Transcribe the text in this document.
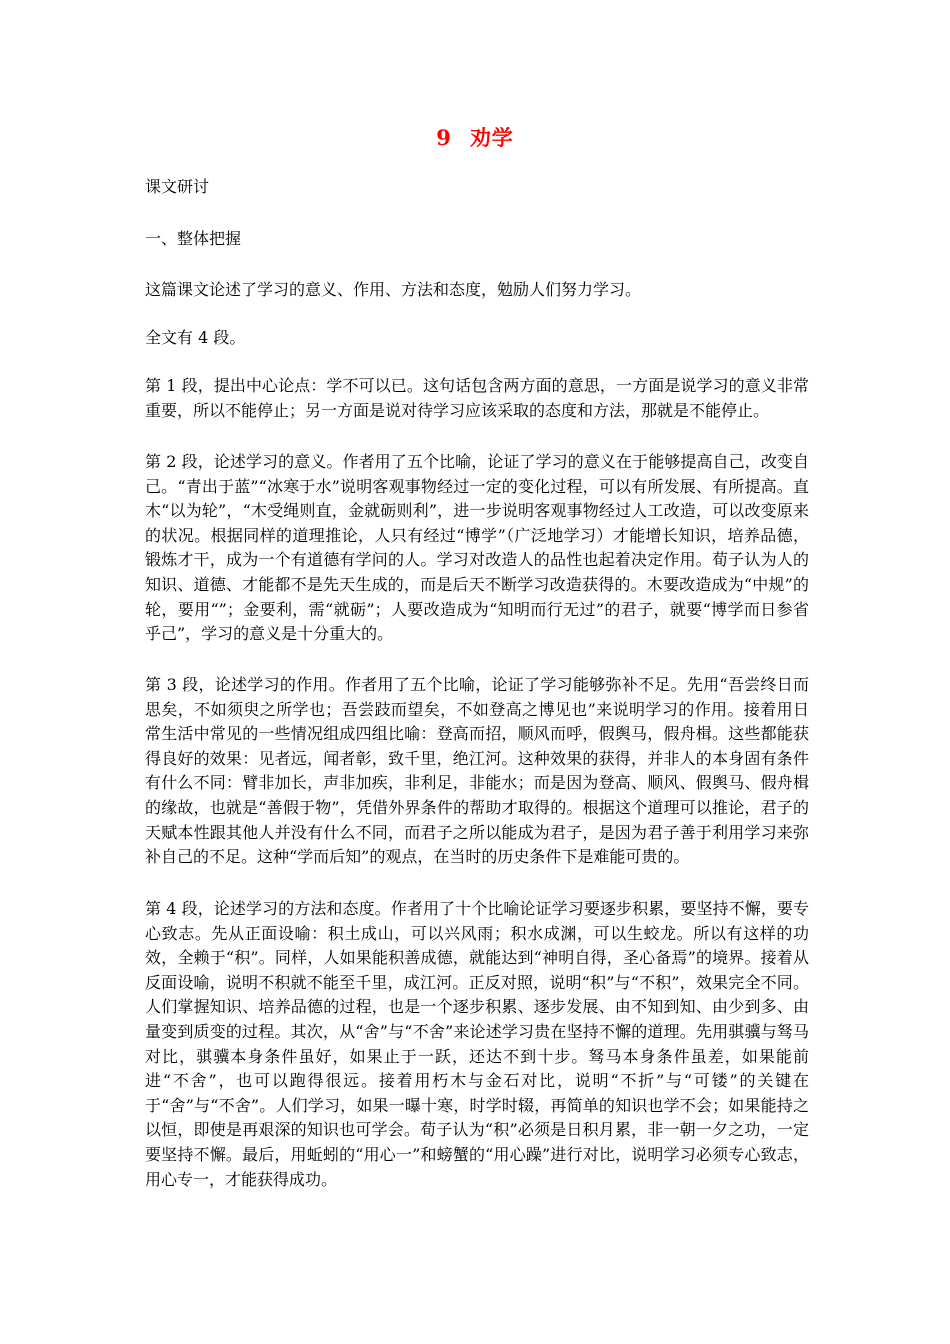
9 劝学
课文研讨
一、整体把握
这篇课文论述了学习的意义、作用、方法和态度，勉励人们努力学习。
全文有 4 段。
第 1 段，提出中心论点：学不可以已。这句话包含两方面的意思，一方面是说学习的意义非常重要，所以不能停止；另一方面是说对待学习应该采取的态度和方法，那就是不能停止。
第 2 段，论述学习的意义。作者用了五个比喻，论证了学习的意义在于能够提高自己，改变自己。“青出于蓝”“冰寒于水”说明客观事物经过一定的变化过程，可以有所发展、有所提高。直木“以为轮”，“木受绳则直，金就砺则利”，进一步说明客观事物经过人工改造，可以改变原来的状况。根据同样的道理推论，人只有经过“博学”（广泛地学习）才能增长知识，培养品德，锻炼才干，成为一个有道德有学问的人。学习对改造人的品性也起着决定作用。荀子认为人的知识、道德、才能都不是先天生成的，而是后天不断学习改造获得的。木要改造成为“中规”的轮，要用“”；金要利，需“就砺”；人要改造成为“知明而行无过”的君子，就要“博学而日参省乎己”，学习的意义是十分重大的。
第 3 段，论述学习的作用。作者用了五个比喻，论证了学习能够弥补不足。先用“吾尝终日而思矣，不如须臾之所学也；吾尝跂而望矣，不如登高之博见也”来说明学习的作用。接着用日常生活中常见的一些情况组成四组比喻：登高而招，顺风而呼，假舆马，假舟楫。这些都能获得良好的效果：见者远，闻者彰，致千里，绝江河。这种效果的获得，并非人的本身固有条件有什么不同：臂非加长，声非加疾，非利足，非能水；而是因为登高、顺风、假舆马、假舟楫的缘故，也就是“善假于物”，凭借外界条件的帮助才取得的。根据这个道理可以推论，君子的天赋本性跟其他人并没有什么不同，而君子之所以能成为君子，是因为君子善于利用学习来弥补自己的不足。这种“学而后知”的观点，在当时的历史条件下是难能可贵的。
第 4 段，论述学习的方法和态度。作者用了十个比喻论证学习要逐步积累，要坚持不懈，要专心致志。先从正面设喻：积土成山，可以兴风雨；积水成渊，可以生蛟龙。所以有这样的功效，全赖于“积”。同样，人如果能积善成德，就能达到“神明自得，圣心备焉”的境界。接着从反面设喻，说明不积就不能至千里，成江河。正反对照，说明“积”与“不积”，效果完全不同。人们掌握知识、培养品德的过程，也是一个逐步积累、逐步发展、由不知到知、由少到多、由量变到质变的过程。其次，从“舍”与“不舍”来论述学习贵在坚持不懈的道理。先用骐骥与驽马对比，骐骥本身条件虽好，如果止于一跃，还达不到十步。驽马本身条件虽差，如果能前进“不舍”，也可以跑得很远。接着用朽木与金石对比，说明“不折”与“可镂”的关键在于“舍”与“不舍”。人们学习，如果一曝十寒，时学时辍，再简单的知识也学不会；如果能持之以恒，即使是再艰深的知识也可学会。荀子认为“积”必须是日积月累，非一朝一夕之功，一定要坚持不懈。最后，用蚯蚓的“用心一”和螃蟹的“用心躁”进行对比，说明学习必须专心致志，用心专一，才能获得成功。
